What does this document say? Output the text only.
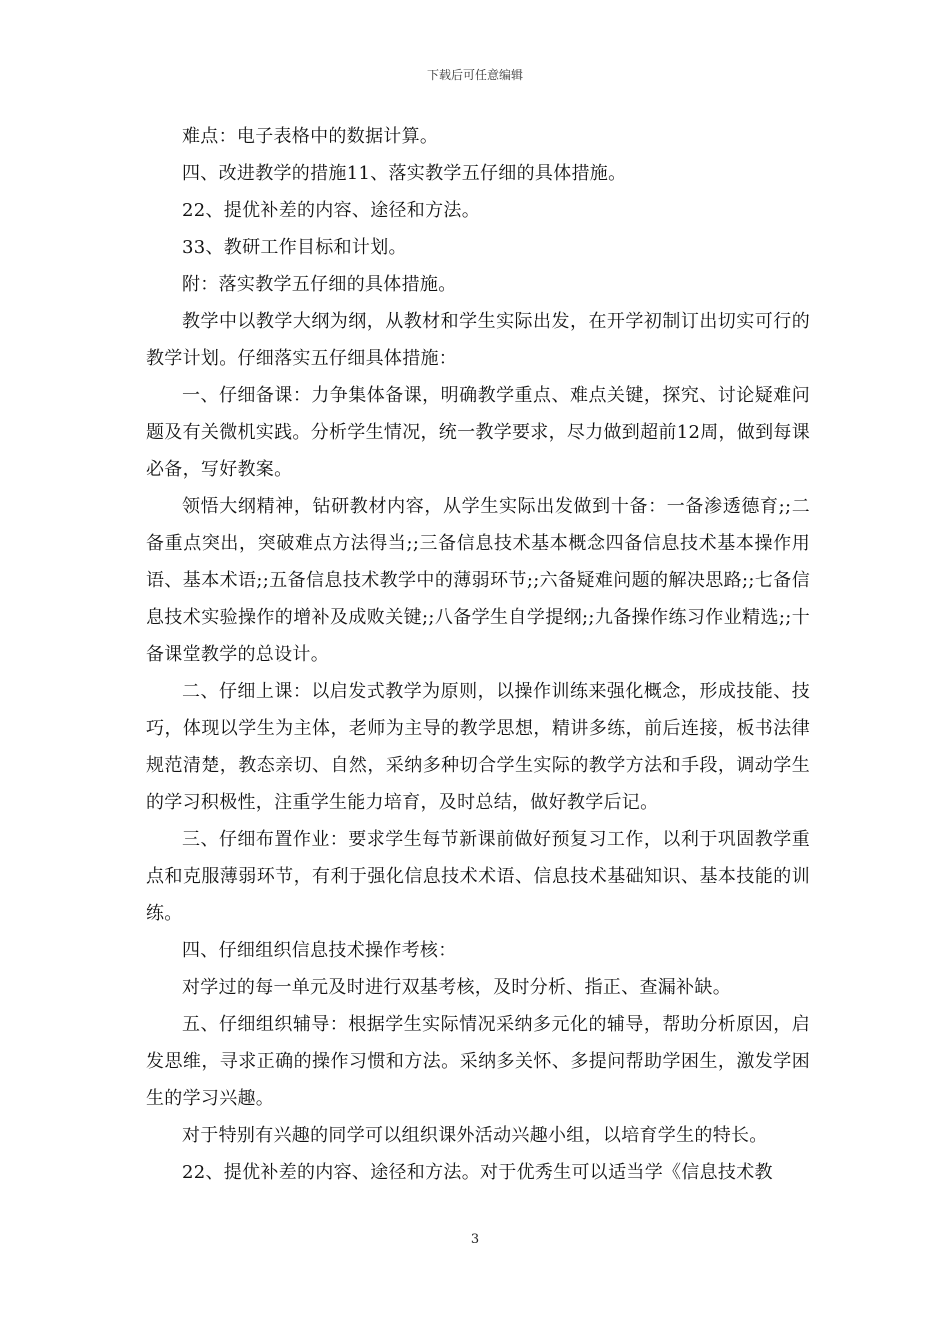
下载后可任意编辑

难点：电子表格中的数据计算。

四、改进教学的措施11、落实教学五仔细的具体措施。

22、提优补差的内容、途径和方法。

33、教研工作目标和计划。

附：落实教学五仔细的具体措施。

教学中以教学大纲为纲，从教材和学生实际出发，在开学初制订出切实可行的教学计划。仔细落实五仔细具体措施：

一、仔细备课：力争集体备课，明确教学重点、难点关键，探究、讨论疑难问题及有关微机实践。分析学生情况，统一教学要求，尽力做到超前12周，做到每课必备，写好教案。

领悟大纲精神，钻研教材内容，从学生实际出发做到十备：一备渗透德育;;二备重点突出，突破难点方法得当;;三备信息技术基本概念四备信息技术基本操作用语、基本术语;;五备信息技术教学中的薄弱环节;;六备疑难问题的解决思路;;七备信息技术实验操作的增补及成败关键;;八备学生自学提纲;;九备操作练习作业精选;;十备课堂教学的总设计。

二、仔细上课：以启发式教学为原则，以操作训练来强化概念，形成技能、技巧，体现以学生为主体，老师为主导的教学思想，精讲多练，前后连接，板书法律规范清楚，教态亲切、自然，采纳多种切合学生实际的教学方法和手段，调动学生的学习积极性，注重学生能力培育，及时总结，做好教学后记。

三、仔细布置作业：要求学生每节新课前做好预复习工作，以利于巩固教学重点和克服薄弱环节，有利于强化信息技术术语、信息技术基础知识、基本技能的训练。

四、仔细组织信息技术操作考核：

对学过的每一单元及时进行双基考核，及时分析、指正、查漏补缺。

五、仔细组织辅导：根据学生实际情况采纳多元化的辅导，帮助分析原因，启发思维，寻求正确的操作习惯和方法。采纳多关怀、多提问帮助学困生，激发学困生的学习兴趣。

对于特别有兴趣的同学可以组织课外活动兴趣小组，以培育学生的特长。

22、提优补差的内容、途径和方法。对于优秀生可以适当学《信息技术教

3
